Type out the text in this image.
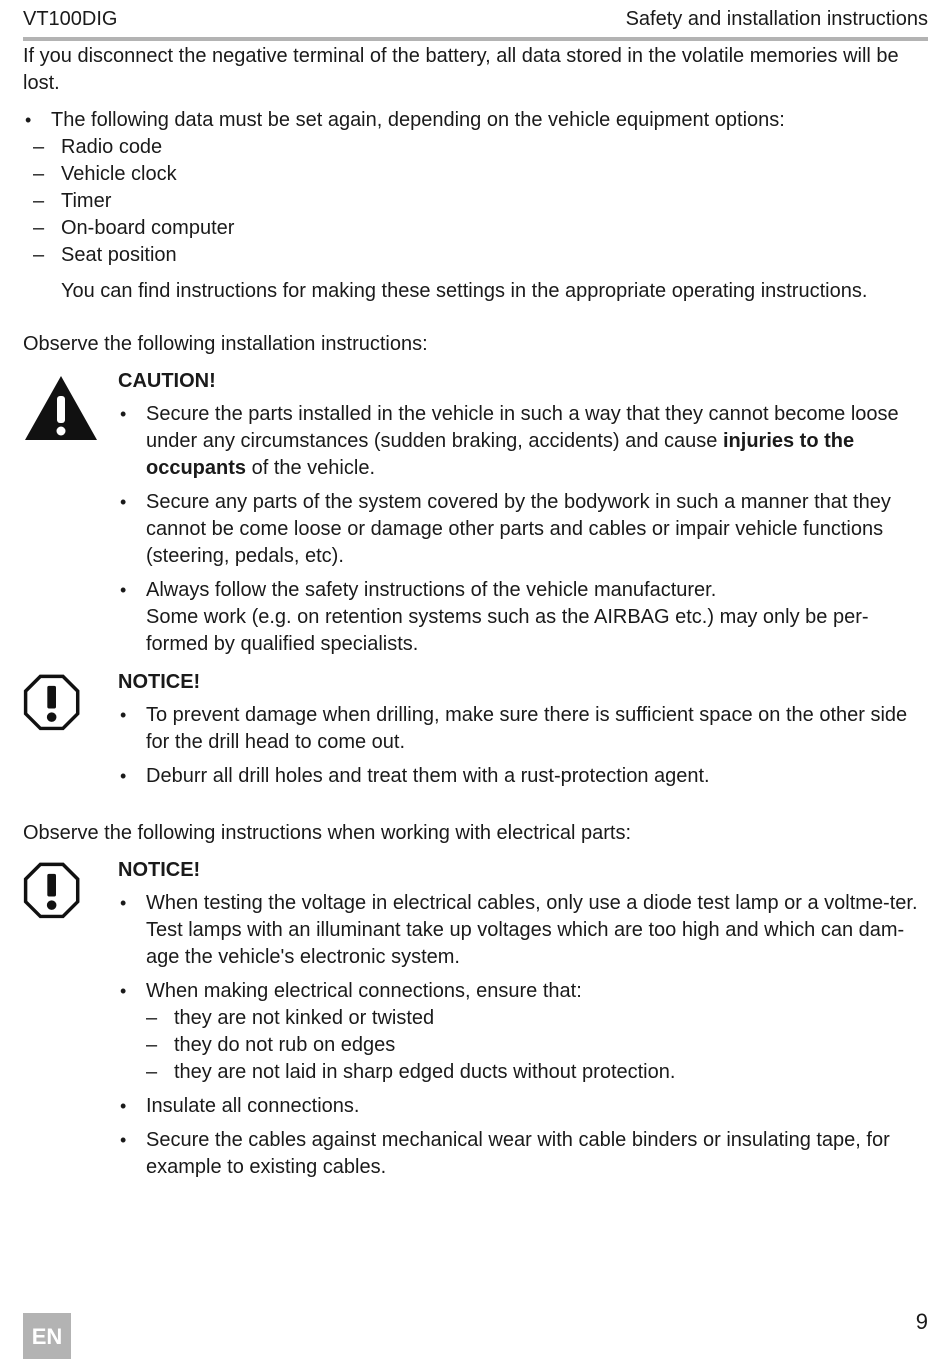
VT100DIG	Safety and installation instructions

If you disconnect the negative terminal of the battery, all data stored in the volatile memories will be lost.

• The following data must be set again, depending on the vehicle equipment options:
– Radio code
– Vehicle clock
– Timer
– On-board computer
– Seat position

You can find instructions for making these settings in the appropriate operating instructions.

Observe the following installation instructions:

CAUTION!

• Secure the parts installed in the vehicle in such a way that they cannot become loose under any circumstances (sudden braking, accidents) and cause injuries to the occupants of the vehicle.
• Secure any parts of the system covered by the bodywork in such a manner that they cannot be come loose or damage other parts and cables or impair vehicle functions (steering, pedals, etc).
• Always follow the safety instructions of the vehicle manufacturer.
Some work (e.g. on retention systems such as the AIRBAG etc.) may only be per-formed by qualified specialists.

NOTICE!

• To prevent damage when drilling, make sure there is sufficient space on the other side for the drill head to come out.
• Deburr all drill holes and treat them with a rust-protection agent.

Observe the following instructions when working with electrical parts:

NOTICE!

• When testing the voltage in electrical cables, only use a diode test lamp or a voltme-ter.
Test lamps with an illuminant take up voltages which are too high and which can dam-age the vehicle's electronic system.
• When making electrical connections, ensure that:
– they are not kinked or twisted
– they do not rub on edges
– they are not laid in sharp edged ducts without protection.
• Insulate all connections.
• Secure the cables against mechanical wear with cable binders or insulating tape, for example to existing cables.
EN
9
